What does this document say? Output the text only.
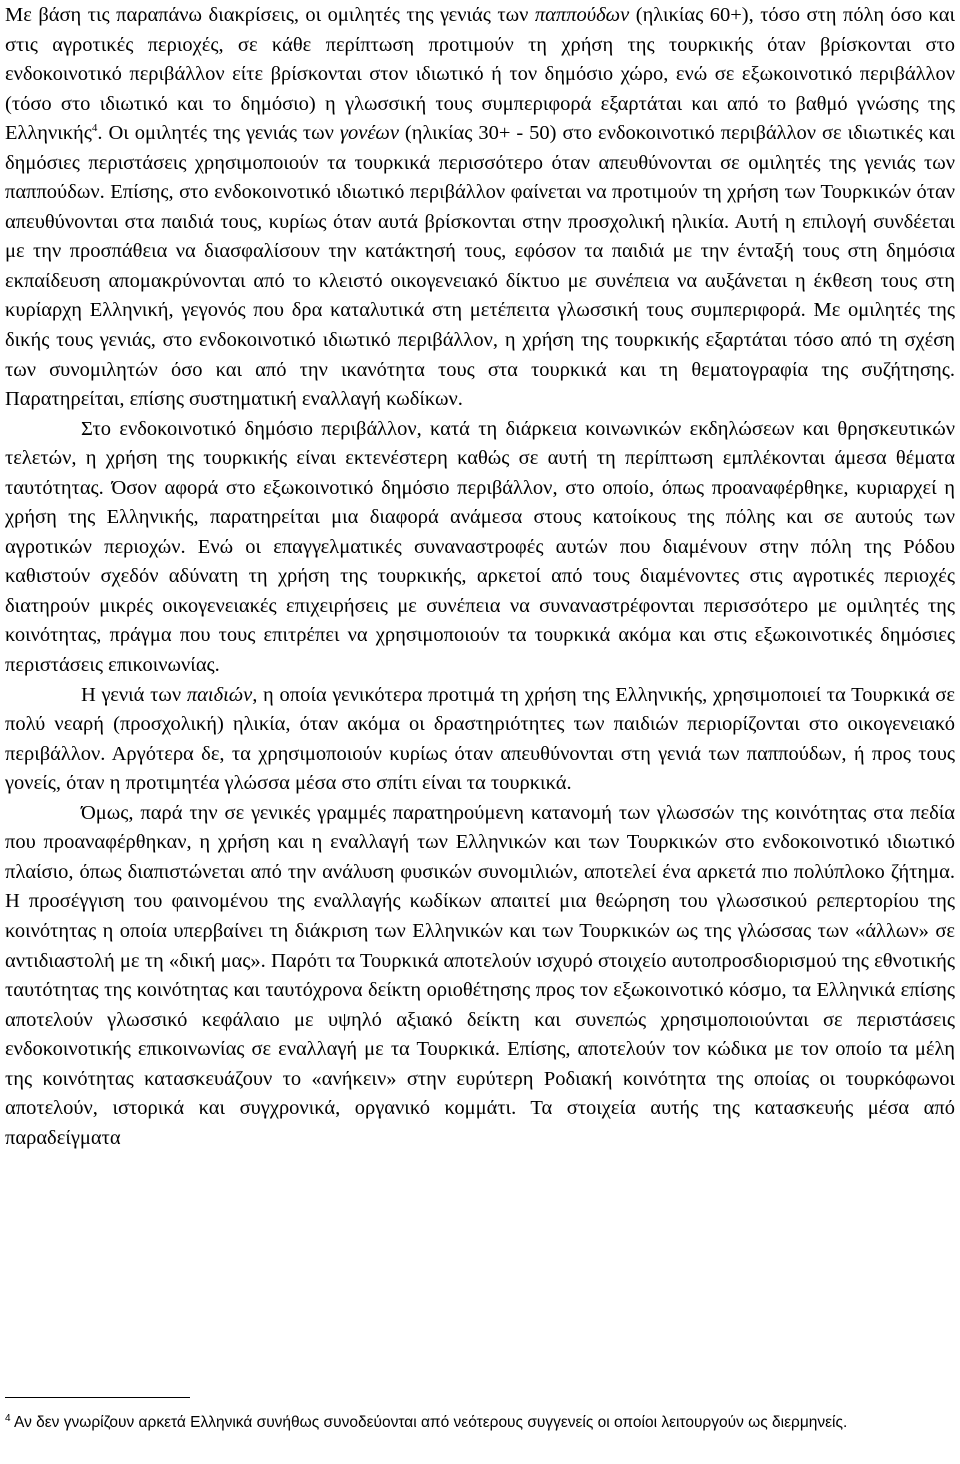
Με βάση τις παραπάνω διακρίσεις, οι ομιλητές της γενιάς των παππούδων (ηλικίας 60+), τόσο στη πόλη όσο και στις αγροτικές περιοχές, σε κάθε περίπτωση προτιμούν τη χρήση της τουρκικής όταν βρίσκονται στο ενδοκοινοτικό περιβάλλον είτε βρίσκονται στον ιδιωτικό ή τον δημόσιο χώρο, ενώ σε εξωκοινοτικό περιβάλλον (τόσο στο ιδιωτικό και το δημόσιο) η γλωσσική τους συμπεριφορά εξαρτάται και από το βαθμό γνώσης της Ελληνικής$^4$. Οι ομιλητές της γενιάς των γονέων (ηλικίας 30+ - 50) στο ενδοκοινοτικό περιβάλλον σε ιδιωτικές και δημόσιες περιστάσεις χρησιμοποιούν τα τουρκικά περισσότερο όταν απευθύνονται σε ομιλητές της γενιάς των παππούδων. Επίσης, στο ενδοκοινοτικό ιδιωτικό περιβάλλον φαίνεται να προτιμούν τη χρήση των Τουρκικών όταν απευθύνονται στα παιδιά τους, κυρίως όταν αυτά βρίσκονται στην προσχολική ηλικία. Αυτή η επιλογή συνδέεται με την προσπάθεια να διασφαλίσουν την κατάκτησή τους, εφόσον τα παιδιά με την ένταξή τους στη δημόσια εκπαίδευση απομακρύνονται από το κλειστό οικογενειακό δίκτυο με συνέπεια να αυξάνεται η έκθεση τους στη κυρίαρχη Ελληνική, γεγονός που δρα καταλυτικά στη μετέπειτα γλωσσική τους συμπεριφορά. Με ομιλητές της δικής τους γενιάς, στο ενδοκοινοτικό ιδιωτικό περιβάλλον, η χρήση της τουρκικής εξαρτάται τόσο από τη σχέση των συνομιλητών όσο και από την ικανότητα τους στα τουρκικά και τη θεματογραφία της συζήτησης. Παρατηρείται, επίσης συστηματική εναλλαγή κωδίκων.

Στο ενδοκοινοτικό δημόσιο περιβάλλον, κατά τη διάρκεια κοινωνικών εκδηλώσεων και θρησκευτικών τελετών, η χρήση της τουρκικής είναι εκτενέστερη καθώς σε αυτή τη περίπτωση εμπλέκονται άμεσα θέματα ταυτότητας. Όσον αφορά στο εξωκοινοτικό δημόσιο περιβάλλον, στο οποίο, όπως προαναφέρθηκε, κυριαρχεί η χρήση της Ελληνικής, παρατηρείται μια διαφορά ανάμεσα στους κατοίκους της πόλης και σε αυτούς των αγροτικών περιοχών. Ενώ οι επαγγελματικές συναναστροφές αυτών που διαμένουν στην πόλη της Ρόδου καθιστούν σχεδόν αδύνατη τη χρήση της τουρκικής, αρκετοί από τους διαμένοντες στις αγροτικές περιοχές διατηρούν μικρές οικογενειακές επιχειρήσεις με συνέπεια να συναναστρέφονται περισσότερο με ομιλητές της κοινότητας, πράγμα που τους επιτρέπει να χρησιμοποιούν τα τουρκικά ακόμα και στις εξωκοινοτικές δημόσιες περιστάσεις επικοινωνίας.

Η γενιά των παιδιών, η οποία γενικότερα προτιμά τη χρήση της Ελληνικής, χρησιμοποιεί τα Τουρκικά σε πολύ νεαρή (προσχολική) ηλικία, όταν ακόμα οι δραστηριότητες των παιδιών περιορίζονται στο οικογενειακό περιβάλλον. Αργότερα δε, τα χρησιμοποιούν κυρίως όταν απευθύνονται στη γενιά των παππούδων, ή προς τους γονείς, όταν η προτιμητέα γλώσσα μέσα στο σπίτι είναι τα τουρκικά.

Όμως, παρά την σε γενικές γραμμές παρατηρούμενη κατανομή των γλωσσών της κοινότητας στα πεδία που προαναφέρθηκαν, η χρήση και η εναλλαγή των Ελληνικών και των Τουρκικών στο ενδοκοινοτικό ιδιωτικό πλαίσιο, όπως διαπιστώνεται από την ανάλυση φυσικών συνομιλιών, αποτελεί ένα αρκετά πιο πολύπλοκο ζήτημα. Η προσέγγιση του φαινομένου της εναλλαγής κωδίκων απαιτεί μια θεώρηση του γλωσσικού ρεπερτορίου της κοινότητας η οποία υπερβαίνει τη διάκριση των Ελληνικών και των Τουρκικών ως της γλώσσας των «άλλων» σε αντιδιαστολή με τη «δική μας». Παρότι τα Τουρκικά αποτελούν ισχυρό στοιχείο αυτοπροσδιορισμού της εθνοτικής ταυτότητας της κοινότητας και ταυτόχρονα δείκτη οριοθέτησης προς τον εξωκοινοτικό κόσμο, τα Ελληνικά επίσης αποτελούν γλωσσικό κεφάλαιο με υψηλό αξιακό δείκτη και συνεπώς χρησιμοποιούνται σε περιστάσεις ενδοκοινοτικής επικοινωνίας σε εναλλαγή με τα Τουρκικά. Επίσης, αποτελούν τον κώδικα με τον οποίο τα μέλη της κοινότητας κατασκευάζουν το «ανήκειν» στην ευρύτερη Ροδιακή κοινότητα της οποίας οι τουρκόφωνοι αποτελούν, ιστορικά και συγχρονικά, οργανικό κομμάτι. Τα στοιχεία αυτής της κατασκευής μέσα από παραδείγματα

$^4$ Αν δεν γνωρίζουν αρκετά Ελληνικά συνήθως συνοδεύονται από νεότερους συγγενείς οι οποίοι λειτουργούν ως διερμηνείς.
